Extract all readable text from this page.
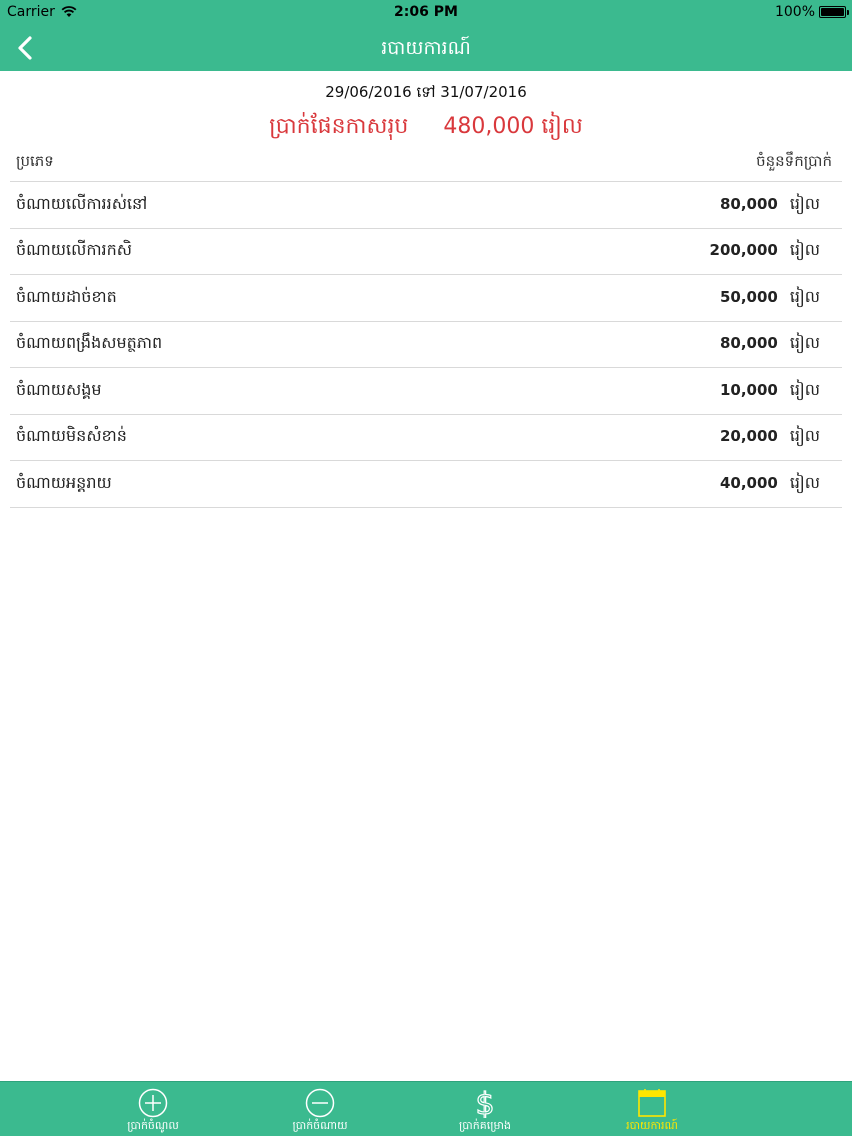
Carrier	2:06 PM	100%
របាយការណ៍
29/06/2016 ទៅ 31/07/2016
ប្រាក់ផែនកាសរុប 480,000 រៀល
ប្រភេទ	ចំនួនទឹកប្រាក់
ចំណាយលើការរស់នៅ	80,000 រៀល
ចំណាយលើការកសិ	200,000 រៀល
ចំណាយដាច់ខាត	50,000 រៀល
ចំណាយពង្រឹងសមត្ថភាព	80,000 រៀល
ចំណាយសង្គម	10,000 រៀល
ចំណាយមិនសំខាន់	20,000 រៀល
ចំណាយអន្តរាយ	40,000 រៀល
ប្រាក់ចំណូល	ប្រាក់ចំណាយ
$
ប្រាក់គម្រោង	របាយការណ៍
